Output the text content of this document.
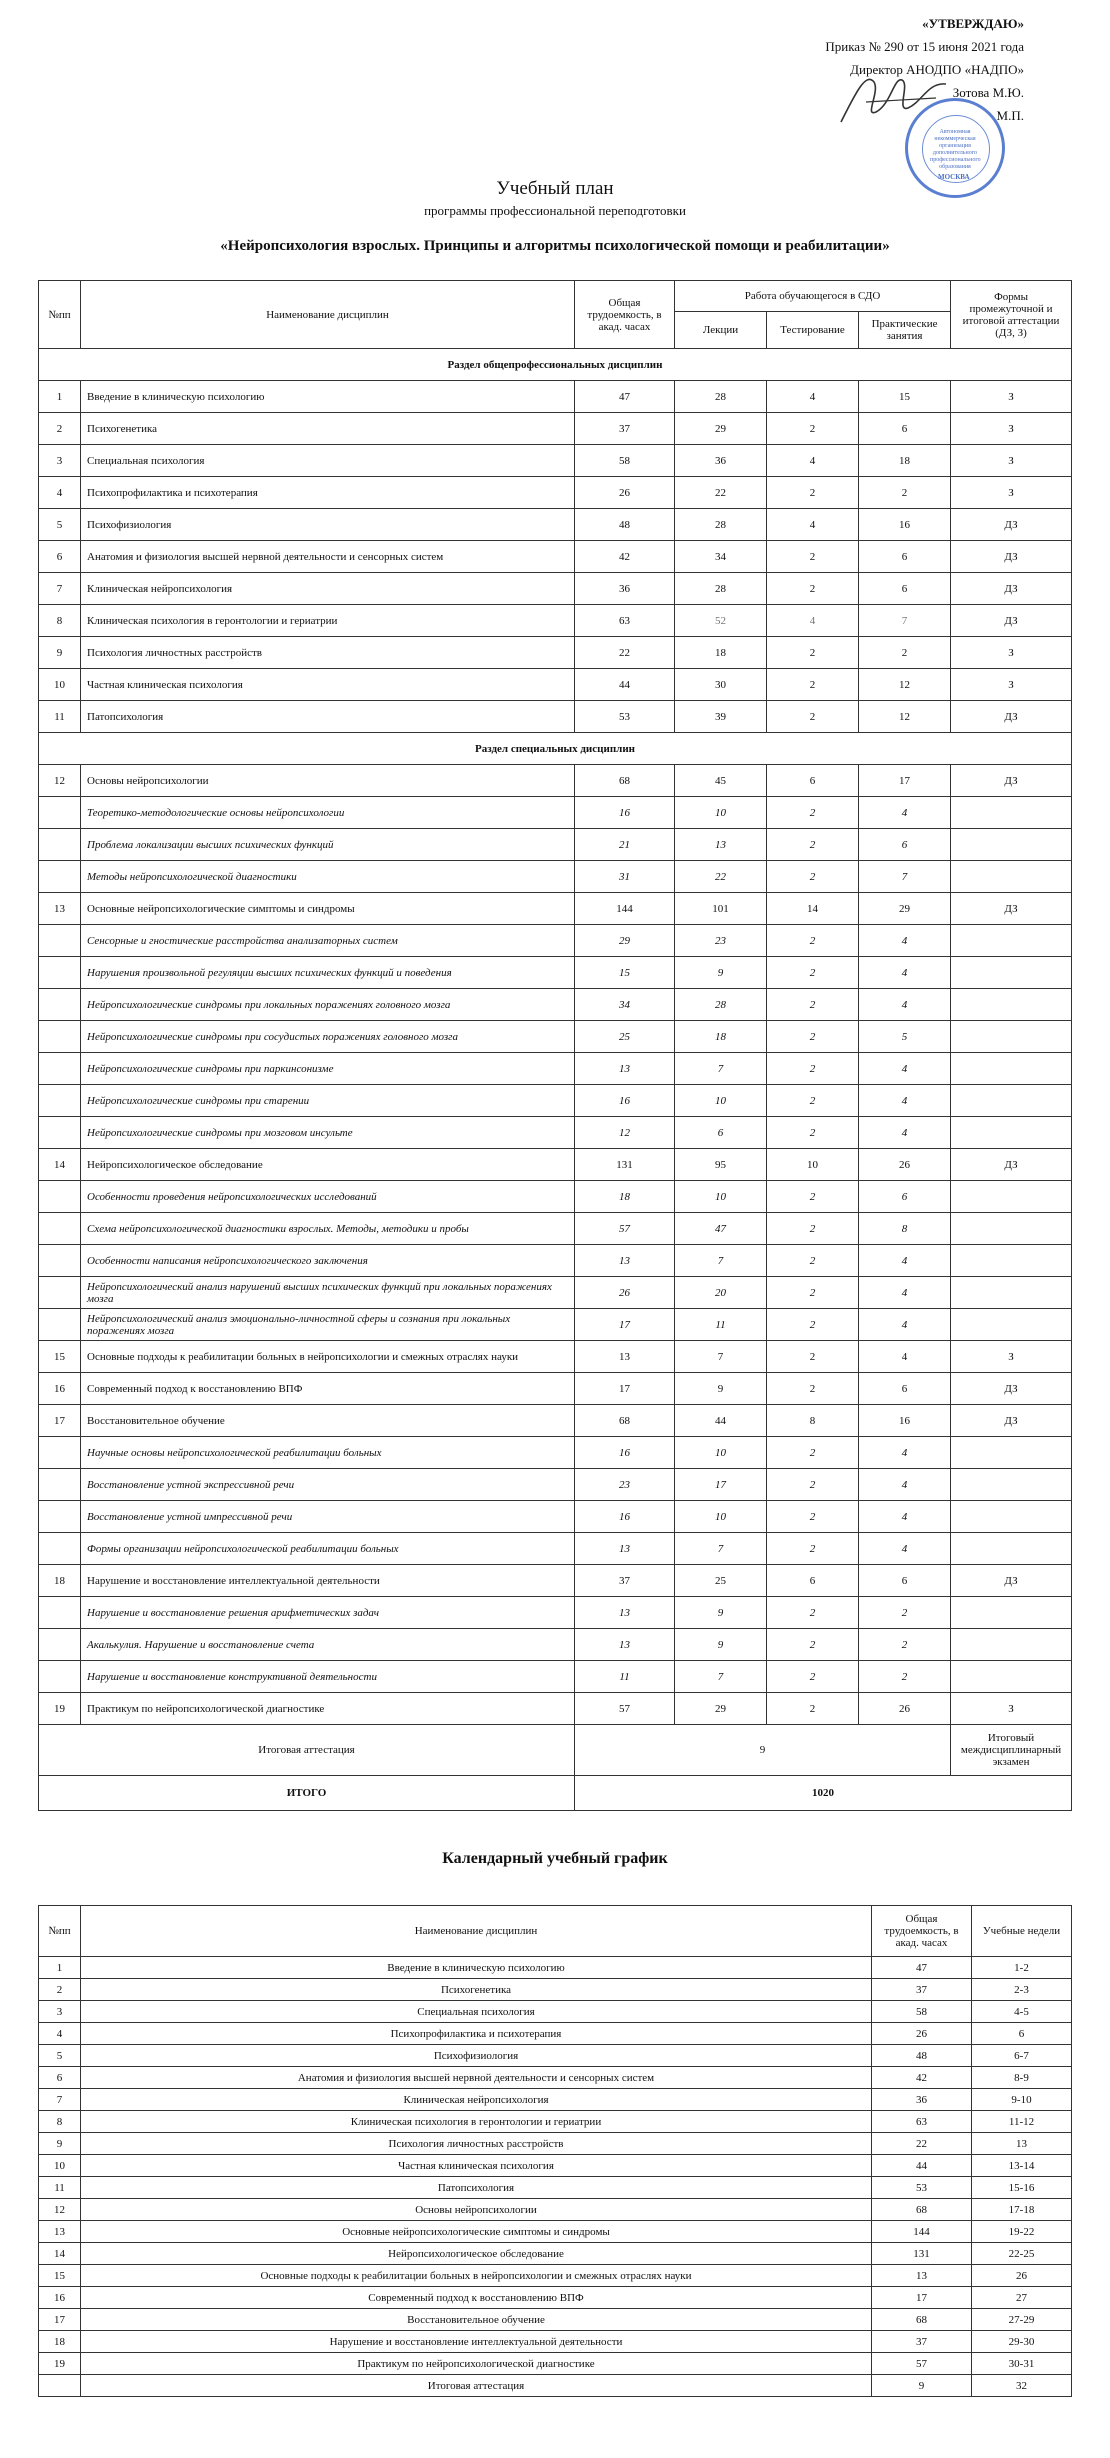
«УТВЕРЖДАЮ»
Приказ № 290 от 15 июня 2021 года
Директор АНОДПО «НАДПО»
Зотова М.Ю.
М.П.
Автономная некоммерческая организация дополнительного профессионального образования
МОСКВА
Учебный план
программы профессиональной переподготовки
«Нейропсихология взрослых. Принципы и алгоритмы психологической помощи и реабилитации»
№пп	Наименование дисциплин	Общая трудоемкость, в акад. часах	Работа обучающегося в СДО			Формы промежуточной и итоговой аттестации (ДЗ, З)
			Лекции	Тестирование	Практические занятия	
Раздел общепрофессиональных дисциплин						
1	Введение в клиническую психологию	47	28	4	15	З
2	Психогенетика	37	29	2	6	З
3	Специальная психология	58	36	4	18	З
4	Психопрофилактика и психотерапия	26	22	2	2	З
5	Психофизиология	48	28	4	16	ДЗ
6	Анатомия и физиология высшей нервной деятельности и сенсорных систем	42	34	2	6	ДЗ
7	Клиническая нейропсихология	36	28	2	6	ДЗ
8	Клиническая психология в геронтологии и гериатрии	63	52	4	7	ДЗ
9	Психология личностных расстройств	22	18	2	2	З
10	Частная клиническая психология	44	30	2	12	З
11	Патопсихология	53	39	2	12	ДЗ
Раздел специальных дисциплин						
12	Основы нейропсихологии	68	45	6	17	ДЗ
	Теоретико-методологические основы нейропсихологии	16	10	2	4	
	Проблема локализации высших психических функций	21	13	2	6	
	Методы нейропсихологической диагностики	31	22	2	7	
13	Основные нейропсихологические симптомы и синдромы	144	101	14	29	ДЗ
	Сенсорные и гностические расстройства анализаторных систем	29	23	2	4	
	Нарушения произвольной регуляции высших психических функций и поведения	15	9	2	4	
	Нейропсихологические синдромы при локальных поражениях головного мозга	34	28	2	4	
	Нейропсихологические синдромы при сосудистых поражениях головного мозга	25	18	2	5	
	Нейропсихологические синдромы при паркинсонизме	13	7	2	4	
	Нейропсихологические синдромы при старении	16	10	2	4	
	Нейропсихологические синдромы при мозговом инсульте	12	6	2	4	
14	Нейропсихологическое обследование	131	95	10	26	ДЗ
	Особенности проведения нейропсихологических исследований	18	10	2	6	
	Схема нейропсихологической диагностики взрослых. Методы, методики и пробы	57	47	2	8	
	Особенности написания нейропсихологического заключения	13	7	2	4	
	Нейропсихологический анализ нарушений высших психических функций при локальных поражениях мозга	26	20	2	4	
	Нейропсихологический анализ эмоционально-личностной сферы и сознания при локальных поражениях мозга	17	11	2	4	
15	Основные подходы к реабилитации больных в нейропсихологии и смежных отраслях науки	13	7	2	4	З
16	Современный подход к восстановлению ВПФ	17	9	2	6	ДЗ
17	Восстановительное обучение	68	44	8	16	ДЗ
	Научные основы нейропсихологической реабилитации больных	16	10	2	4	
	Восстановление устной экспрессивной речи	23	17	2	4	
	Восстановление устной импрессивной речи	16	10	2	4	
	Формы организации нейропсихологической реабилитации больных	13	7	2	4	
18	Нарушение и восстановление интеллектуальной деятельности	37	25	6	6	ДЗ
	Нарушение и восстановление решения арифметических задач	13	9	2	2	
	Акалькулия. Нарушение и восстановление счета	13	9	2	2	
	Нарушение и восстановление конструктивной деятельности	11	7	2	2	
19	Практикум по нейропсихологической диагностике	57	29	2	26	З
Итоговая аттестация		9				Итоговый междисциплинарный экзамен
ИТОГО		1020				
Календарный учебный график
№пп	Наименование дисциплин	Общая трудоемкость, в акад. часах	Учебные недели
1	Введение в клиническую психологию	47	1-2
2	Психогенетика	37	2-3
3	Специальная психология	58	4-5
4	Психопрофилактика и психотерапия	26	6
5	Психофизиология	48	6-7
6	Анатомия и физиология высшей нервной деятельности и сенсорных систем	42	8-9
7	Клиническая нейропсихология	36	9-10
8	Клиническая психология в геронтологии и гериатрии	63	11-12
9	Психология личностных расстройств	22	13
10	Частная клиническая психология	44	13-14
11	Патопсихология	53	15-16
12	Основы нейропсихологии	68	17-18
13	Основные нейропсихологические симптомы и синдромы	144	19-22
14	Нейропсихологическое обследование	131	22-25
15	Основные подходы к реабилитации больных в нейропсихологии и смежных отраслях науки	13	26
16	Современный подход к восстановлению ВПФ	17	27
17	Восстановительное обучение	68	27-29
18	Нарушение и восстановление интеллектуальной деятельности	37	29-30
19	Практикум по нейропсихологической диагностике	57	30-31
	Итоговая аттестация	9	32
